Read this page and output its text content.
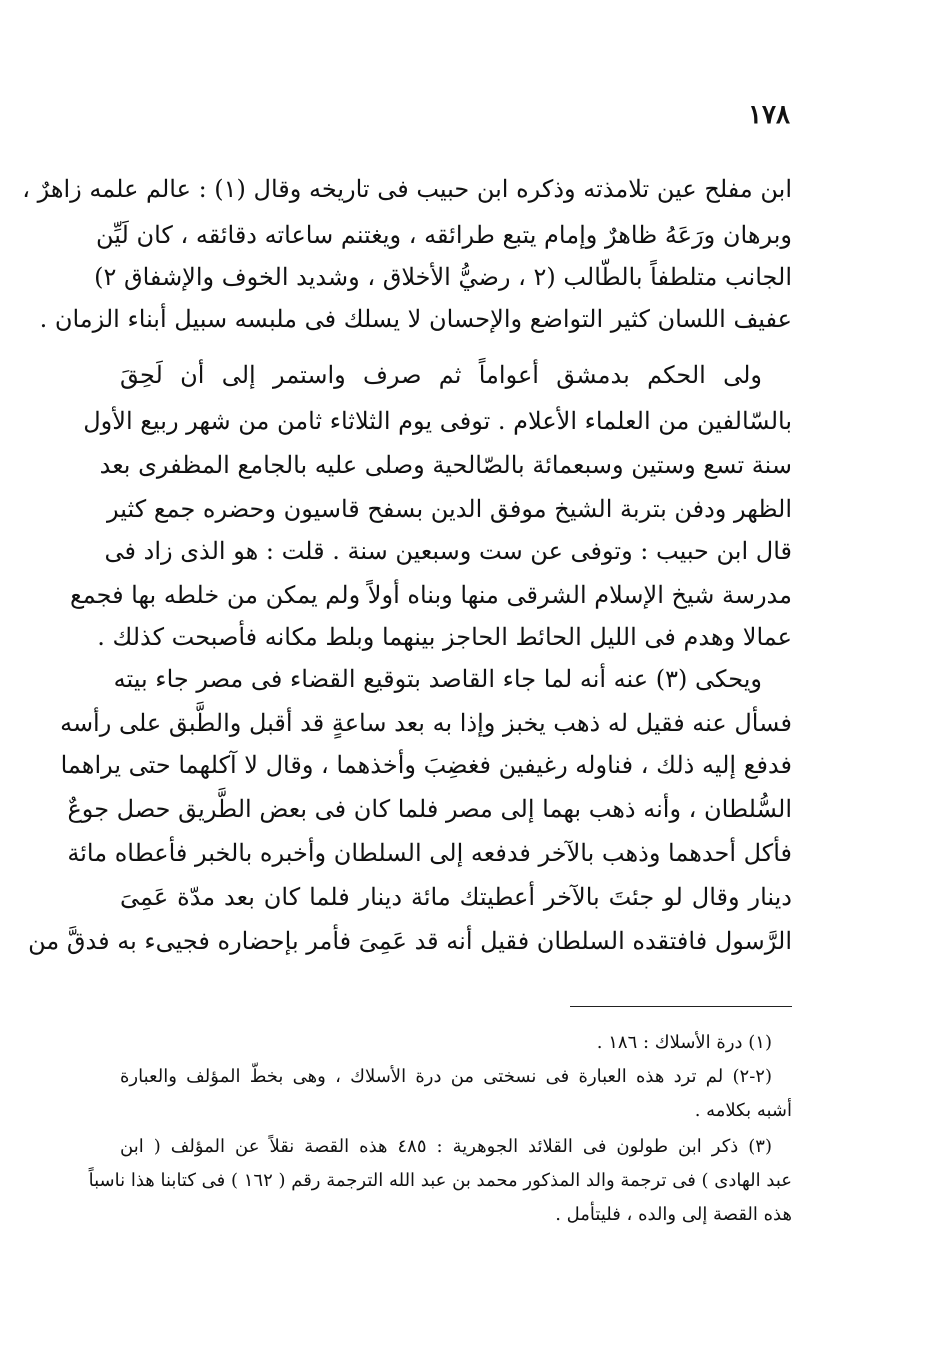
١٧٨
ابن مفلح عين تلامذته وذكره ابن حبيب فى تاريخه وقال (١) : عالم علمه زاهرٌ ،
وبرهان ورَعَهُ ظاهرٌ وإمام يتبع طرائقه ، ويغتنم ساعاته دقائقه ، كان لَيِّن
الجانب متلطفاً بالطّالب (٢ ، رضيُّ الأخلاق ، وشديد الخوف والإشفاق ٢)
عفيف اللسان كثير التواضع والإحسان لا يسلك فى ملبسه سبيل أبناء الزمان .
ولى الحكم بدمشق أعواماً ثم صرف واستمر إلى أن لَحِقَ
بالسّالفين من العلماء الأعلام . توفى يوم الثلاثاء ثامن من شهر ربيع الأول
سنة تسع وستين وسبعمائة بالصّالحية وصلى عليه بالجامع المظفرى بعد
الظهر ودفن بتربة الشيخ موفق الدين بسفح قاسيون وحضره جمع كثير
قال ابن حبيب : وتوفى عن ست وسبعين سنة . قلت : هو الذى زاد فى
مدرسة شيخ الإسلام الشرقى منها وبناه أولاً ولم يمكن من خلطه بها فجمع
عمالا وهدم فى الليل الحائط الحاجز بينهما وبلط مكانه فأصبحت كذلك .
ويحكى (٣) عنه أنه لما جاء القاصد بتوقيع القضاء فى مصر جاء بيته
فسأل عنه فقيل له ذهب يخبز وإذا به بعد ساعةٍ قد أقبل والطَّبق على رأسه
فدفع إليه ذلك ، فناوله رغيفين فغضِبَ وأخذهما ، وقال لا آكلهما حتى يراهما
السُّلطان ، وأنه ذهب بهما إلى مصر فلما كان فى بعض الطَّريق حصل جوعٌ
فأكل أحدهما وذهب بالآخر فدفعه إلى السلطان وأخبره بالخبر فأعطاه مائة
دينار وقال لو جئتَ بالآخر أعطيتك مائة دينار فلما كان بعد مدّة عَمِىَ
الرَّسول فافتقده السلطان فقيل أنه قد عَمِىَ فأمر بإحضاره فجيىء به فدقَّ من
(١) درة الأسلاك : ١٨٦ .
(٢-٢) لم ترد هذه العبارة فى نسختى من درة الأسلاك ، وهى بخطّ المؤلف والعبارة
أشبه بكلامه .
(٣) ذكر ابن طولون فى القلائد الجوهرية : ٤٨٥ هذه القصة نقلاً عن المؤلف ( ابن
عبد الهادى ) فى ترجمة والد المذكور محمد بن عبد الله الترجمة رقم ( ١٦٢ ) فى كتابنا هذا ناسباً
هذه القصة إلى والده ، فليتأمل .
